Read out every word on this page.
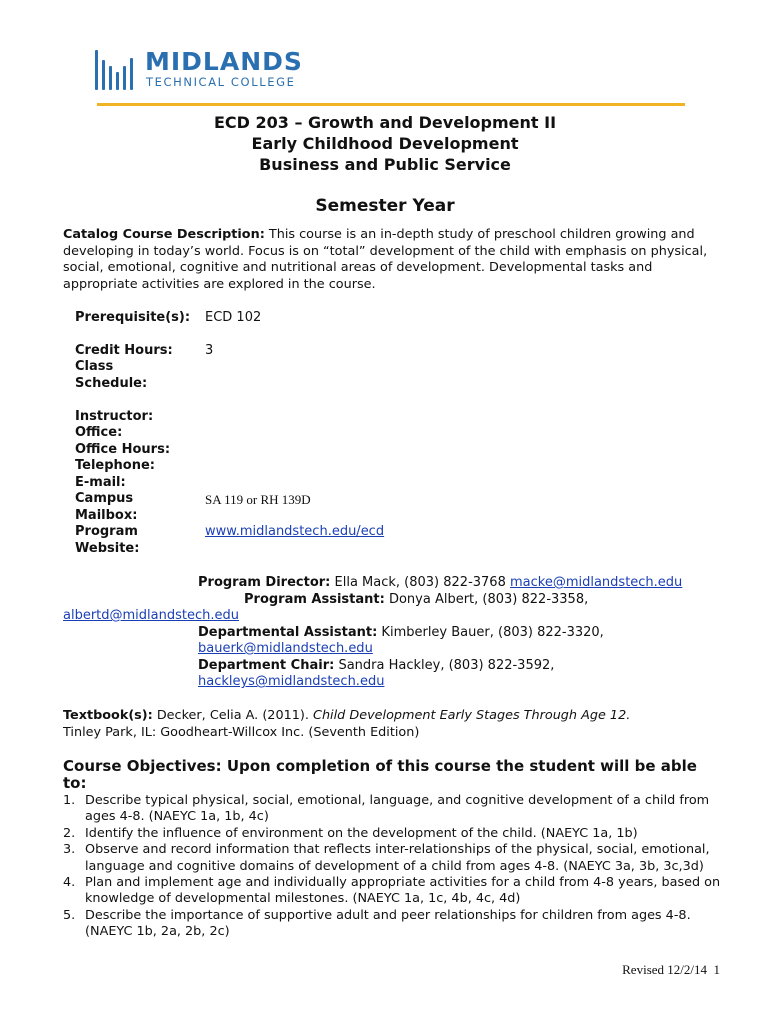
MIDLANDS
TECHNICAL COLLEGE
ECD 203 – Growth and Development II
Early Childhood Development
Business and Public Service
Semester Year
Catalog Course Description: This course is an in-depth study of preschool children growing and developing in today’s world. Focus is on “total” development of the child with emphasis on physical, social, emotional, cognitive and nutritional areas of development. Developmental tasks and appropriate activities are explored in the course.
Prerequisite(s): ECD 102
Credit Hours:	3
Class Schedule:
Instructor:
Office:
Office Hours:
Telephone:
E-mail:
Campus Mailbox:
SA 119 or RH 139D
Program Website:
www.midlandstech.edu/ecd
Program Director: Ella Mack, (803) 822-3768 macke@midlandstech.edu
Program Assistant: Donya Albert, (803) 822-3358,
albertd@midlandstech.edu
Departmental Assistant: Kimberley Bauer, (803) 822-3320,
bauerk@midlandstech.edu
Department Chair: Sandra Hackley, (803) 822-3592,
hackleys@midlandstech.edu
Textbook(s): Decker, Celia A. (2011). Child Development Early Stages Through Age 12.
Tinley Park, IL: Goodheart-Willcox Inc. (Seventh Edition)
Course Objectives: Upon completion of this course the student will be able to:
1. Describe typical physical, social, emotional, language, and cognitive development of a child from ages 4-8. (NAEYC 1a, 1b, 4c)
2. Identify the influence of environment on the development of the child. (NAEYC 1a, 1b)
3. Observe and record information that reflects inter-relationships of the physical, social, emotional, language and cognitive domains of development of a child from ages 4-8. (NAEYC 3a, 3b, 3c,3d)
4. Plan and implement age and individually appropriate activities for a child from 4-8 years, based on knowledge of developmental milestones. (NAEYC 1a, 1c, 4b, 4c, 4d)
5. Describe the importance of supportive adult and peer relationships for children from ages 4-8. (NAEYC 1b, 2a, 2b, 2c)
Revised 12/2/14 1
